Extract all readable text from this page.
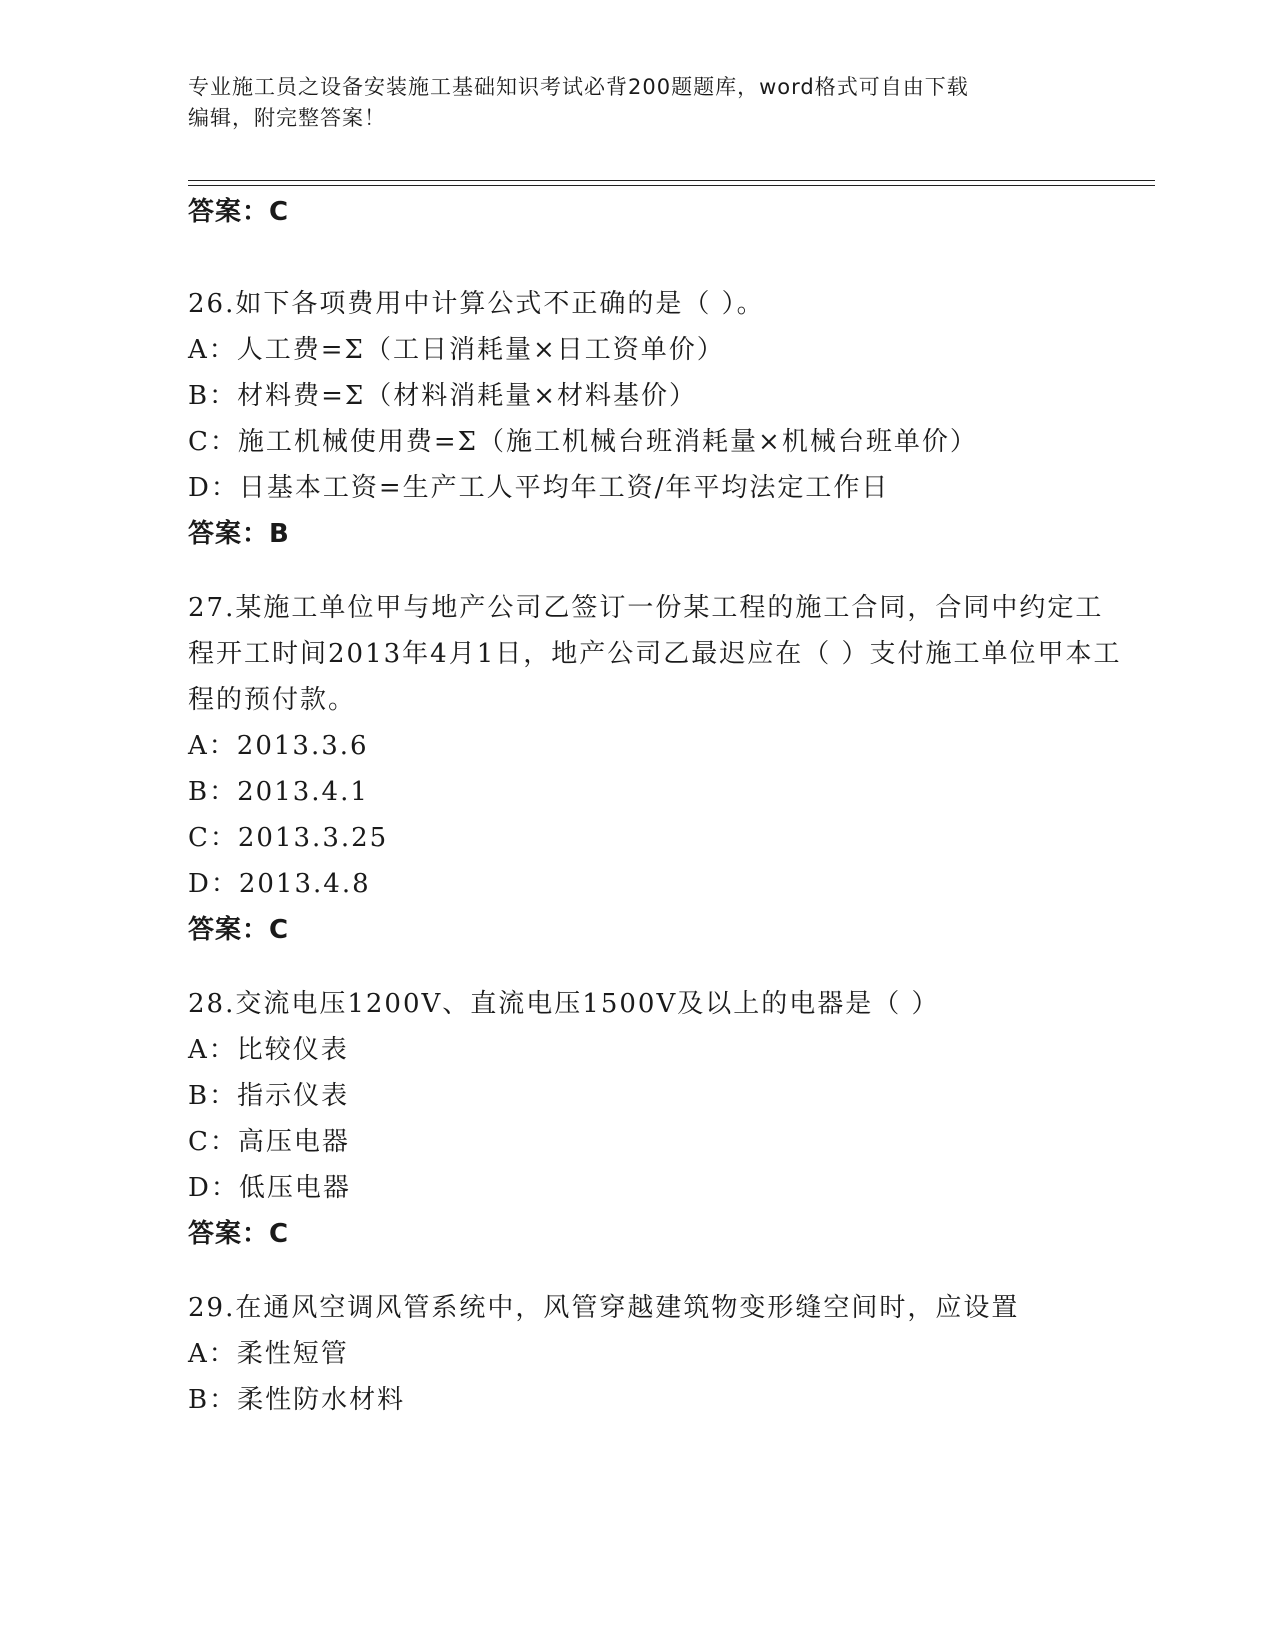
专业施工员之设备安装施工基础知识考试必背200题题库，word格式可自由下载
编辑，附完整答案！
答案：C
26.如下各项费用中计算公式不正确的是（ ）。
A：人工费=Σ（工日消耗量×日工资单价）
B：材料费=Σ（材料消耗量×材料基价）
C：施工机械使用费=Σ（施工机械台班消耗量×机械台班单价）
D：日基本工资=生产工人平均年工资/年平均法定工作日
答案：B
27.某施工单位甲与地产公司乙签订一份某工程的施工合同，合同中约定工程开工时间2013年4月1日，地产公司乙最迟应在（ ）支付施工单位甲本工程的预付款。
A：2013.3.6
B：2013.4.1
C：2013.3.25
D：2013.4.8
答案：C
28.交流电压1200V、直流电压1500V及以上的电器是（ ）
A：比较仪表
B：指示仪表
C：高压电器
D：低压电器
答案：C
29.在通风空调风管系统中，风管穿越建筑物变形缝空间时，应设置
A：柔性短管
B：柔性防水材料
